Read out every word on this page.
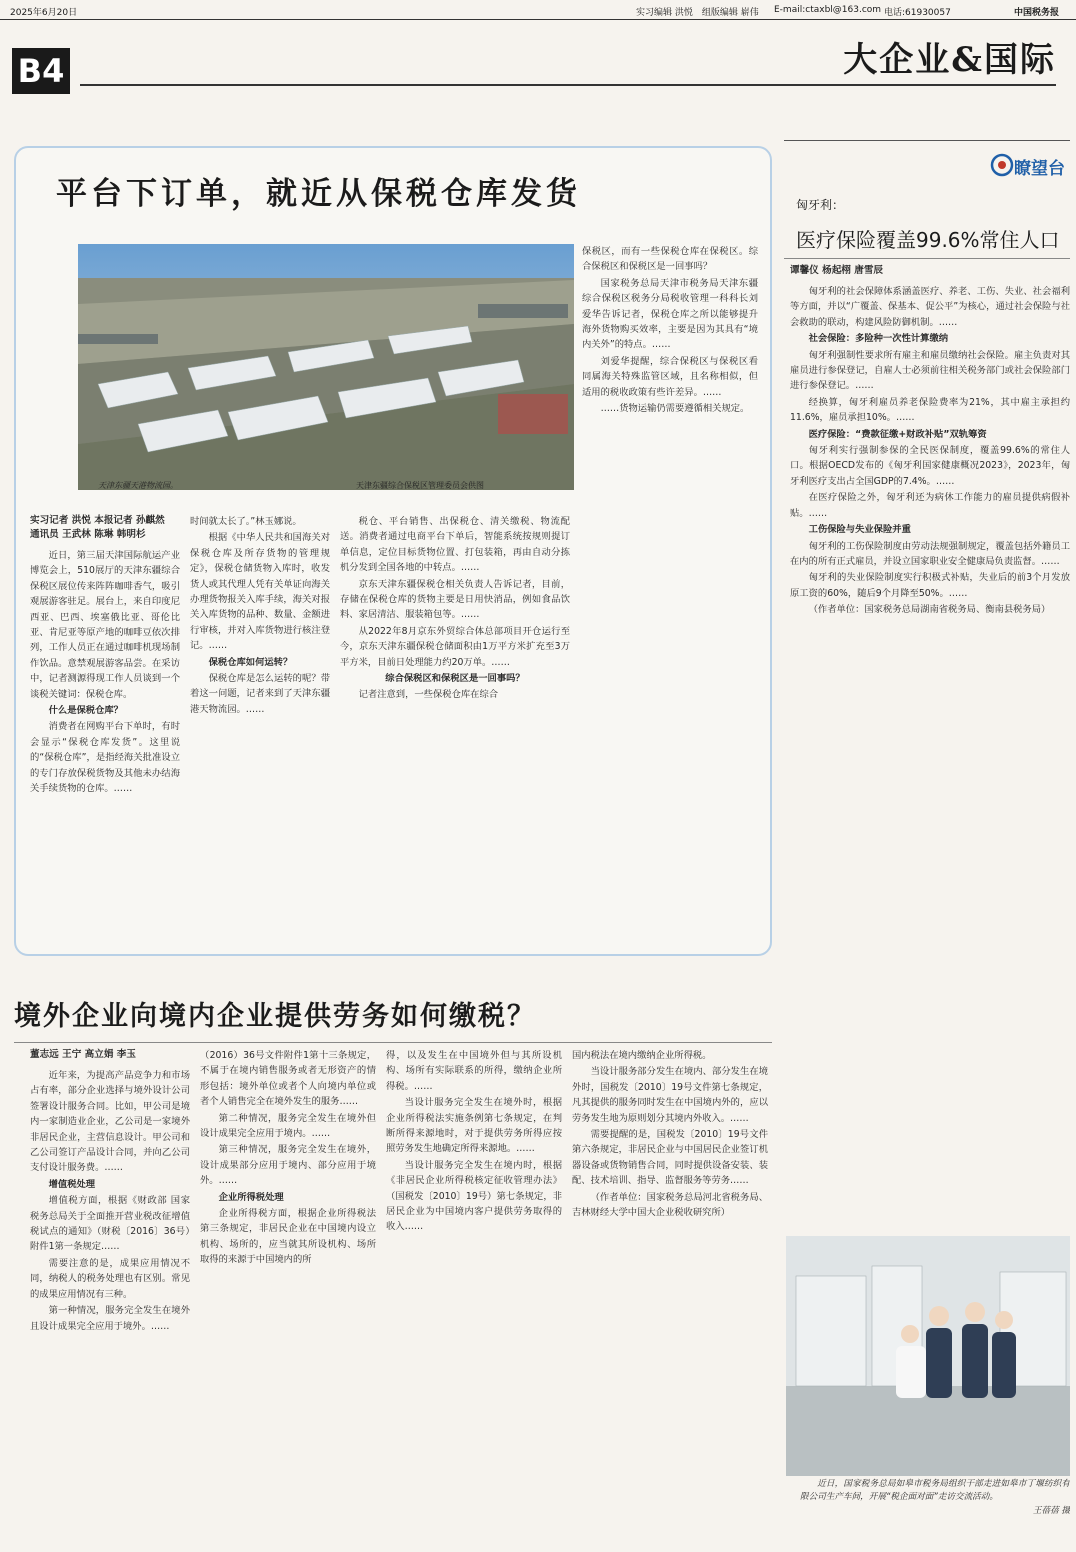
2025年6月20日	实习编辑 洪悦　组版编辑 崭伟 E-mail:ctaxbl@163.com 电话:61930057	中国税务报
B4	大企业&国际
平台下订单，就近从保税仓库发货
天津东疆天港物流园。	天津东疆综合保税区管理委员会供图
实习记者 洪悦 本报记者 孙麒然
通讯员 王武林 陈琳 韩明杉

近日，第三届天津国际航运产业博览会上，510展厅的天津东疆综合保税区展位传来阵阵咖啡香气，吸引观展游客驻足。展台上，来自印度尼西亚、巴西、埃塞俄比亚、哥伦比亚、肯尼亚等原产地的咖啡豆依次排列，工作人员正在通过咖啡机现场制作饮品。意禁观展游客品尝。在采访中，记者测源得现工作人员谈到一个谈税关键词：保税仓库。

什么是保税仓库？

消费者在网购平台下单时，有时会显示“保税仓库发货”。这里说的“保税仓库”，是指经海关批准设立的专门存放保税货物及其他未办结海关手续货物的仓库。……

时间就太长了。”林玉娜说。

根据《中华人民共和国海关对保税仓库及所存货物的管理规定》，保税仓储货物入库时，收发货人或其代理人凭有关单证向海关办理货物报关入库手续，海关对报关入库货物的品种、数量、金额进行审核，并对入库货物进行核注登记。……

保税仓库如何运转？

保税仓库是怎么运转的呢？带着这一问题，记者来到了天津东疆港天物流园。……

税仓、平台销售、出保税仓、清关缴税、物流配送。消费者通过电商平台下单后，智能系统按规则提订单信息，定位目标货物位置、打包装箱，再由自动分拣机分发到全国各地的中转点。……

京东天津东疆保税仓相关负责人告诉记者，目前，存储在保税仓库的货物主要是日用快消品，例如食品饮料、家居清洁、服装箱包等。……

从2022年8月京东外贸综合体总部项目开仓运行至今，京东天津东疆保税仓储面积由1万平方米扩充至3万平方米，目前日处理能力约20万单。……

综合保税区和保税区是一回事吗？

记者注意到，一些保税仓库在综合

保税区，而有一些保税仓库在保税区。综合保税区和保税区是一回事吗？

国家税务总局天津市税务局天津东疆综合保税区税务分局税收管理一科科长刘爱华告诉记者，保税仓库之所以能够提升海外货物购买效率，主要是因为其具有“境内关外”的特点。……

刘爱华提醒，综合保税区与保税区看同属海关特殊监管区域，且名称相似，但适用的税收政策有些许差异。……

……货物运输仍需要遵循相关规定。

境外企业向境内企业提供劳务如何缴税？
董志远 王宁 高立娟 李玉

近年来，为提高产品竞争力和市场占有率，部分企业选择与境外设计公司签署设计服务合同。比如，甲公司是境内一家制造业企业，乙公司是一家境外非居民企业，主营信息设计。甲公司和乙公司签订产品设计合同，并向乙公司支付设计服务费。……

增值税处理

增值税方面，根据《财政部 国家税务总局关于全面推开营业税改征增值税试点的通知》（财税〔2016〕36号）附件1第一条规定……

需要注意的是，成果应用情况不同，纳税人的税务处理也有区别。常见的成果应用情况有三种。

第一种情况，服务完全发生在境外且设计成果完全应用于境外。……

（2016）36号文件附件1第十三条规定，不属于在境内销售服务或者无形资产的情形包括：境外单位或者个人向境内单位或者个人销售完全在境外发生的服务……

第二种情况，服务完全发生在境外但设计成果完全应用于境内。……

第三种情况，服务完全发生在境外，设计成果部分应用于境内、部分应用于境外。……

企业所得税处理

企业所得税方面，根据企业所得税法第三条规定，非居民企业在中国境内设立机构、场所的，应当就其所设机构、场所取得的来源于中国境内的所

得，以及发生在中国境外但与其所设机构、场所有实际联系的所得，缴纳企业所得税。……

当设计服务完全发生在境外时，根据企业所得税法实施条例第七条规定，在判断所得来源地时，对于提供劳务所得应按照劳务发生地确定所得来源地。……

当设计服务完全发生在境内时，根据《非居民企业所得税核定征收管理办法》（国税发〔2010〕19号）第七条规定，非居民企业为中国境内客户提供劳务取得的收入……

国内税法在境内缴纳企业所得税。

当设计服务部分发生在境内、部分发生在境外时，国税发〔2010〕19号文件第七条规定，凡其提供的服务同时发生在中国境内外的，应以劳务发生地为原则划分其境内外收入。……

需要提醒的是，国税发〔2010〕19号文件第六条规定，非居民企业与中国居民企业签订机器设备或货物销售合同，同时提供设备安装、装配、技术培训、指导、监督服务等劳务……

（作者单位：国家税务总局河北省税务局、吉林财经大学中国大企业税收研究所）

瞭望台
匈牙利：
医疗保险覆盖99.6%常住人口
谭馨仪 杨起栩 唐雪辰

匈牙利的社会保障体系涵盖医疗、养老、工伤、失业、社会福利等方面，并以“广覆盖、保基本、促公平”为核心，通过社会保险与社会救助的联动，构建风险防御机制。……

社会保险：多险种一次性计算缴纳

匈牙利强制性要求所有雇主和雇员缴纳社会保险。雇主负责对其雇员进行参保登记，自雇人士必须前往相关税务部门或社会保险部门进行参保登记。……

经换算，匈牙利雇员养老保险费率为21%，其中雇主承担约11.6%，雇员承担10%。……

医疗保险：“费款征缴+财政补贴”双轨筹资

匈牙利实行强制参保的全民医保制度，覆盖99.6%的常住人口。根据OECD发布的《匈牙利国家健康概况2023》，2023年，匈牙利医疗支出占全国GDP的7.4%。……

在医疗保险之外，匈牙利还为病休工作能力的雇员提供病假补贴。……

工伤保险与失业保险并重

匈牙利的工伤保险制度由劳动法规强制规定，覆盖包括外籍员工在内的所有正式雇员，并设立国家职业安全健康局负责监督。……

匈牙利的失业保险制度实行积极式补贴，失业后的前3个月发放原工资的60%，随后9个月降至50%。……

（作者单位：国家税务总局湖南省税务局、衡南县税务局）

近日，国家税务总局如皋市税务局组织干部走进如皋市丁堰纺织有限公司生产车间，开展“税企面对面”走访交流活动。

王蓓蓓 摄
